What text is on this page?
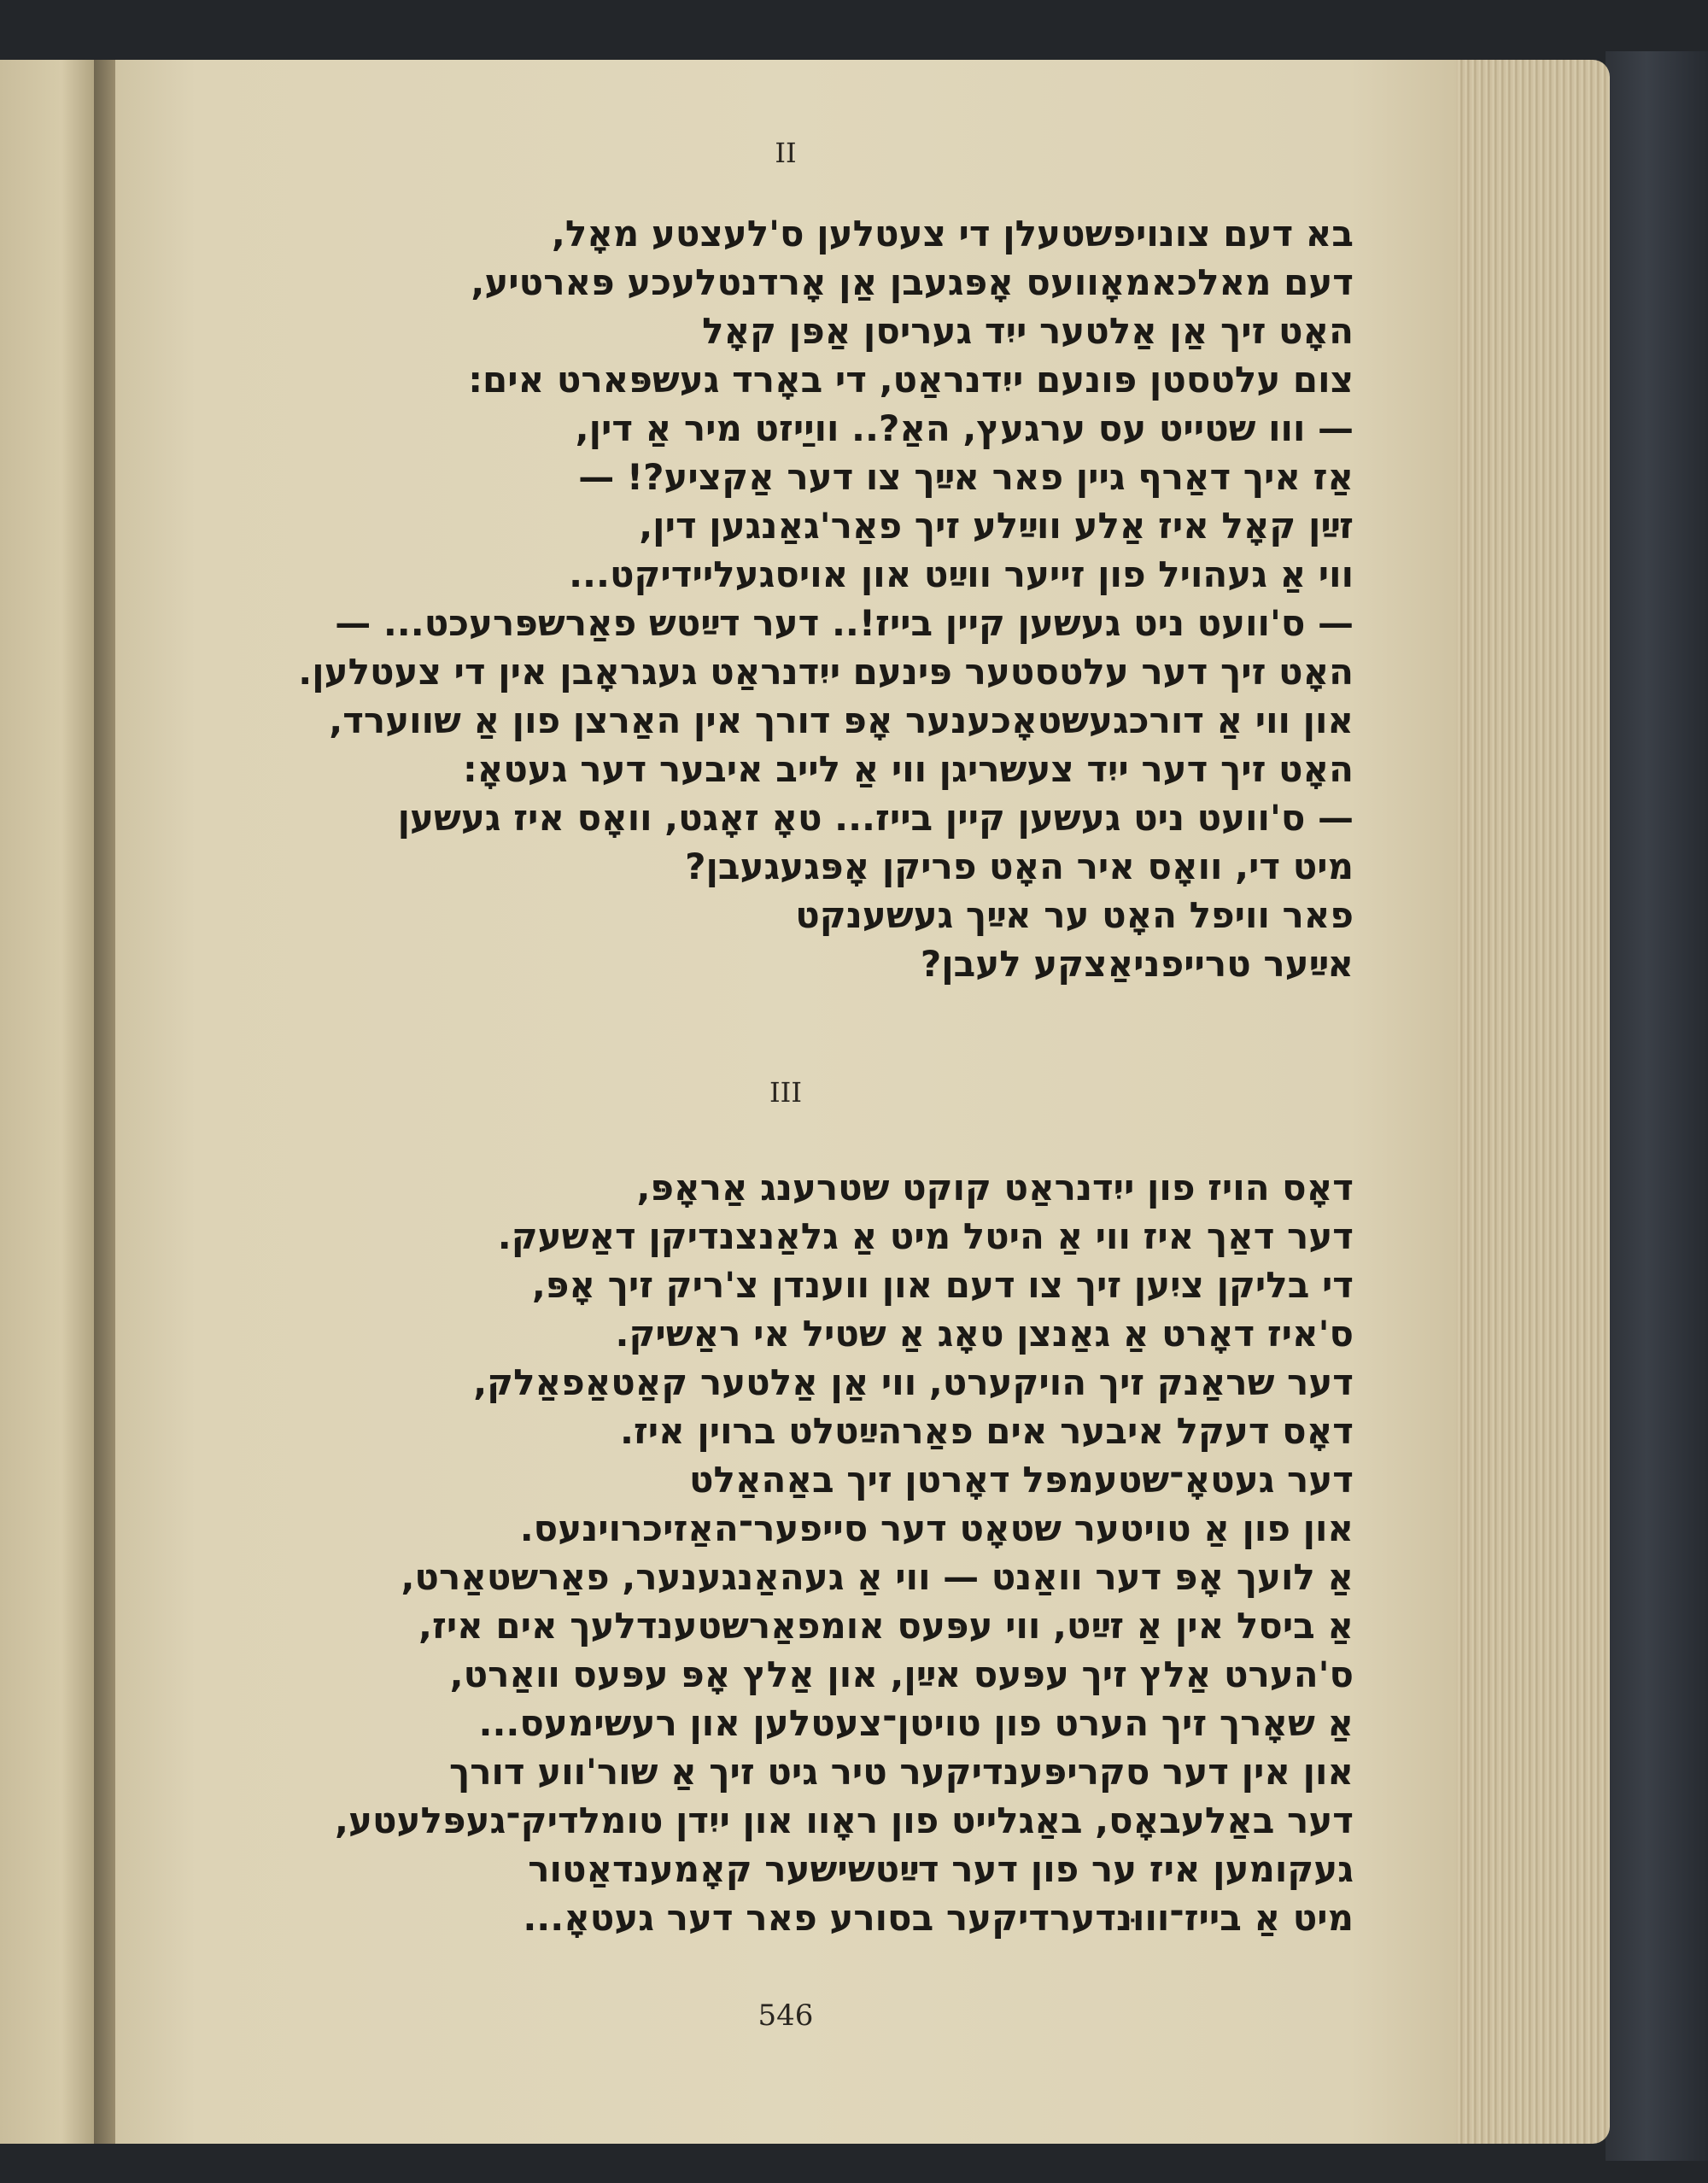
II
בא דעם צונויפשטעלן די צעטלען ס'לעצטע מאָל,
דעם מאלכאמאָוועס אָפּגעבן אַן אָרדנטלעכע פּארטיע,
האָט זיך אַן אַלטער ייִד געריסן אַפּן קאָל
צום עלטסטן פּונעם ייִדנראַט, די באָרד געשפּארט אים:
— ווו שטייט עס ערגעץ, האַ?.. וויַיזט מיר אַ דין,
אַז איך דאַרף גיין פאר אײַך צו דער אַקציע?! —
זײַן קאָל איז אַלע ווײַלע זיך פאַר'גאַנגען דין,
ווי אַ געהויל פון זייער ווײַט און אויסגעליידיקט...
— ס'וועט ניט געשען קיין בייז!.. דער דײַטש פאַרשפּרעכט... —
האָט זיך דער עלטסטער פּינעם ייִדנראַט געגראָבן אין די צעטלען.
און ווי אַ דורכגעשטאָכענער אָפּ דורך אין האַרצן פון אַ שווערד,
האָט זיך דער ייִד צעשריגן ווי אַ לייב איבער דער געטאָ:
— ס'וועט ניט געשען קיין בייז... טאָ זאָגט, וואָס איז געשען
מיט די, וואָס איר האָט פריקן אָפּגעגעבן?
פאר וויפל האָט ער אײַך געשענקט
אײַער טרייפניאַצקע לעבן?
III
דאָס הויז פון ייִדנראַט קוקט שטרענג אַראָפּ,
דער דאַך איז ווי אַ היטל מיט אַ גלאַנצנדיקן דאַשעק.
די בליקן ציִען זיך צו דעם און ווענדן צ'ריק זיך אָפּ,
ס'איז דאָרט אַ גאַנצן טאָג אַ שטיל אי ראַשיק.
דער שראַנק זיך הויקערט, ווי אַן אַלטער קאַטאַפאַלק,
דאָס דעקל איבער אים פאַרהײַטלט ברוין איז.
דער געטאָ־שטעמפּל דאָרטן זיך באַהאַלט
און פון אַ טויטער שטאָט דער סייפער־האַזיכרוינעס.
אַ לועך אָפּ דער וואַנט — ווי אַ געהאַנגענער, פאַרשטאַרט,
אַ ביסל אין אַ זײַט, ווי עפּעס אומפאַרשטענדלעך אים איז,
ס'הערט אַלץ זיך עפּעס אײַן, און אַלץ אָפּ עפּעס וואַרט,
אַ שאָרך זיך הערט פון טויטן־צעטלען און רעשימעס...
און אין דער סקריפּענדיקער טיר גיט זיך אַ שור'ווע דורך
דער באַלעבאָס, באַגלייט פון ראָוו און ייִדן טומלדיק־געפּלעטע,
געקומען איז ער פון דער דײַטשישער קאָמענדאַטור
מיט אַ בייז־וווּנדערדיקער בסורע פאר דער געטאָ...
546
